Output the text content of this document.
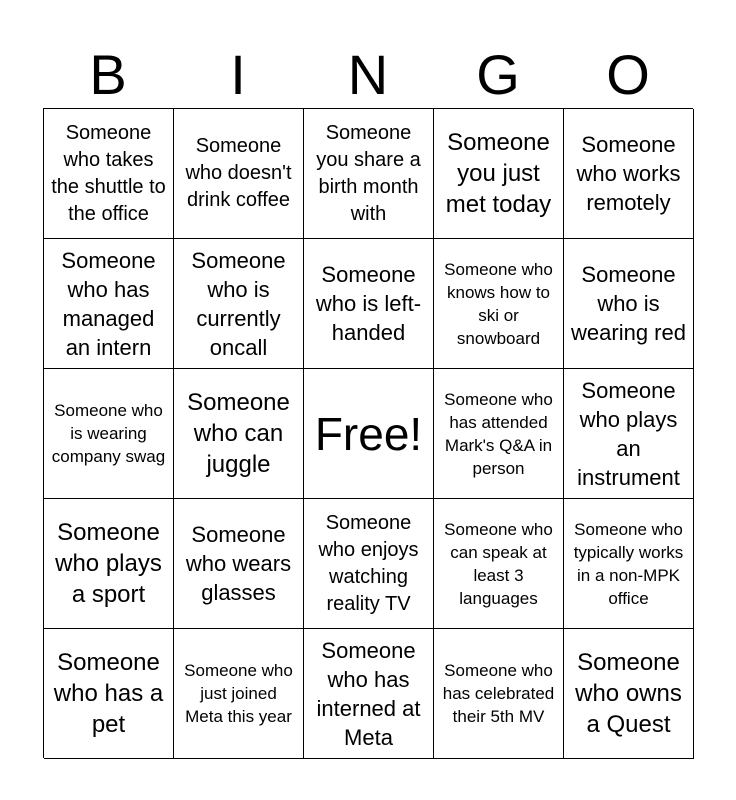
B	I	N	G	O
Someone who takes the shuttle to the office
Someone who doesn't drink coffee
Someone you share a birth month with
Someone you just met today
Someone who works remotely
Someone who has managed an intern
Someone who is currently oncall
Someone who is left-handed
Someone who knows how to ski or snowboard
Someone who is wearing red
Someone who is wearing company swag
Someone who can juggle
Free!
Someone who has attended Mark's Q&A in person
Someone who plays an instrument
Someone who plays a sport
Someone who wears glasses
Someone who enjoys watching reality TV
Someone who can speak at least 3 languages
Someone who typically works in a non-MPK office
Someone who has a pet
Someone who just joined Meta this year
Someone who has interned at Meta
Someone who has celebrated their 5th MV
Someone who owns a Quest
